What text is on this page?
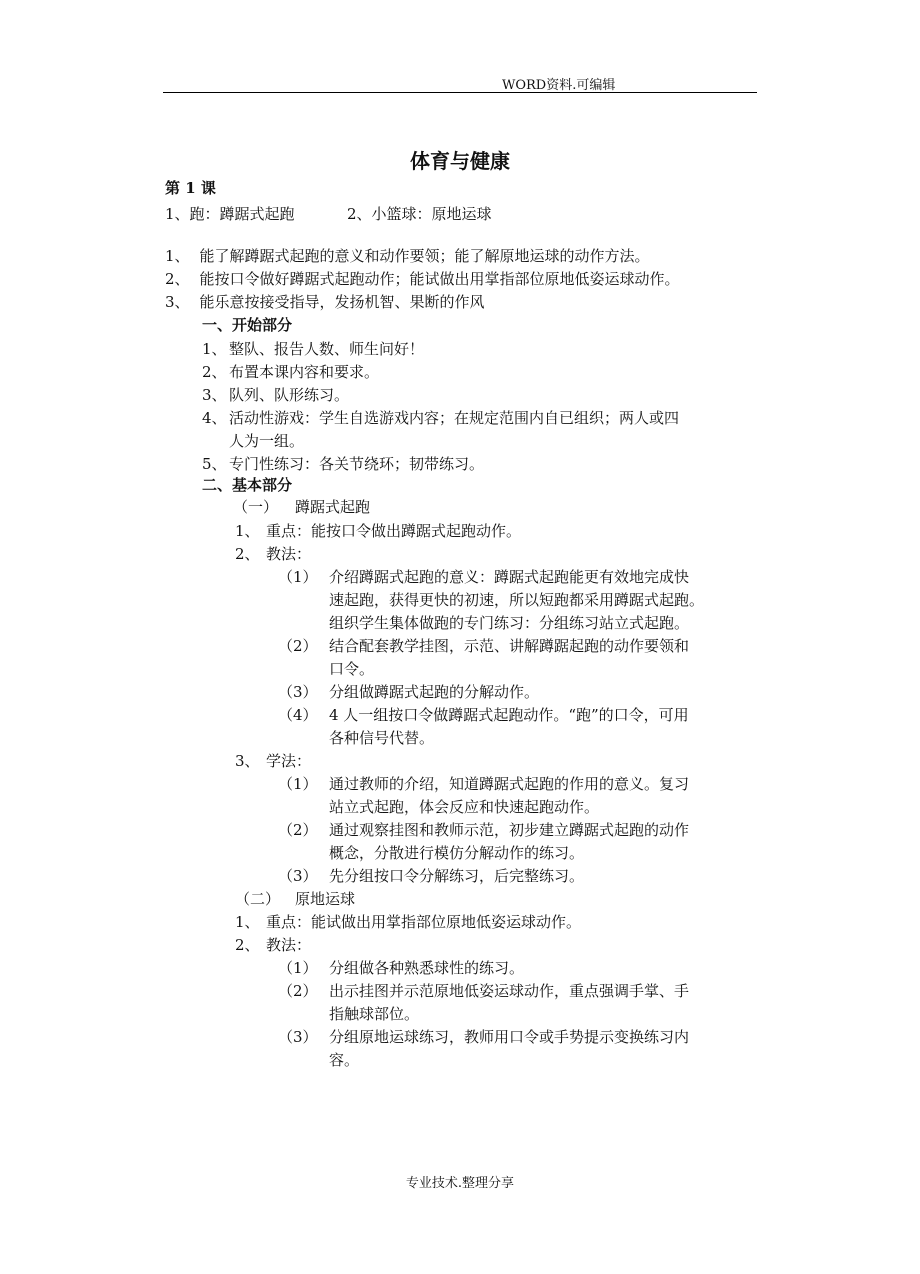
WORD资料.可编辑
体育与健康
第 1 课
1、跑：蹲踞式起跑	2、小篮球：原地运球
1、 能了解蹲踞式起跑的意义和动作要领；能了解原地运球的动作方法。
2、 能按口令做好蹲踞式起跑动作；能试做出用掌指部位原地低姿运球动作。
3、 能乐意按接受指导，发扬机智、果断的作风
一、开始部分
1、 整队、报告人数、师生问好！
2、 布置本课内容和要求。
3、 队列、队形练习。
4、 活动性游戏：学生自选游戏内容；在规定范围内自已组织；两人或四
人为一组。
5、 专门性练习：各关节绕环；韧带练习。
二、基本部分
（一） 蹲踞式起跑
1、 重点：能按口令做出蹲踞式起跑动作。
2、 教法：
（1） 介绍蹲踞式起跑的意义：蹲踞式起跑能更有效地完成快
速起跑，获得更快的初速，所以短跑都采用蹲踞式起跑。
组织学生集体做跑的专门练习：分组练习站立式起跑。
（2） 结合配套教学挂图，示范、讲解蹲踞起跑的动作要领和
口令。
（3） 分组做蹲踞式起跑的分解动作。
（4） 4 人一组按口令做蹲踞式起跑动作。“跑”的口令，可用
各种信号代替。
3、 学法：
（1） 通过教师的介绍，知道蹲踞式起跑的作用的意义。复习
站立式起跑，体会反应和快速起跑动作。
（2） 通过观察挂图和教师示范，初步建立蹲踞式起跑的动作
概念，分散进行模仿分解动作的练习。
（3） 先分组按口令分解练习，后完整练习。
（二） 原地运球
1、 重点：能试做出用掌指部位原地低姿运球动作。
2、 教法：
（1） 分组做各种熟悉球性的练习。
（2） 出示挂图并示范原地低姿运球动作，重点强调手掌、手
指触球部位。
（3） 分组原地运球练习，教师用口令或手势提示变换练习内
容。
专业技术.整理分享
